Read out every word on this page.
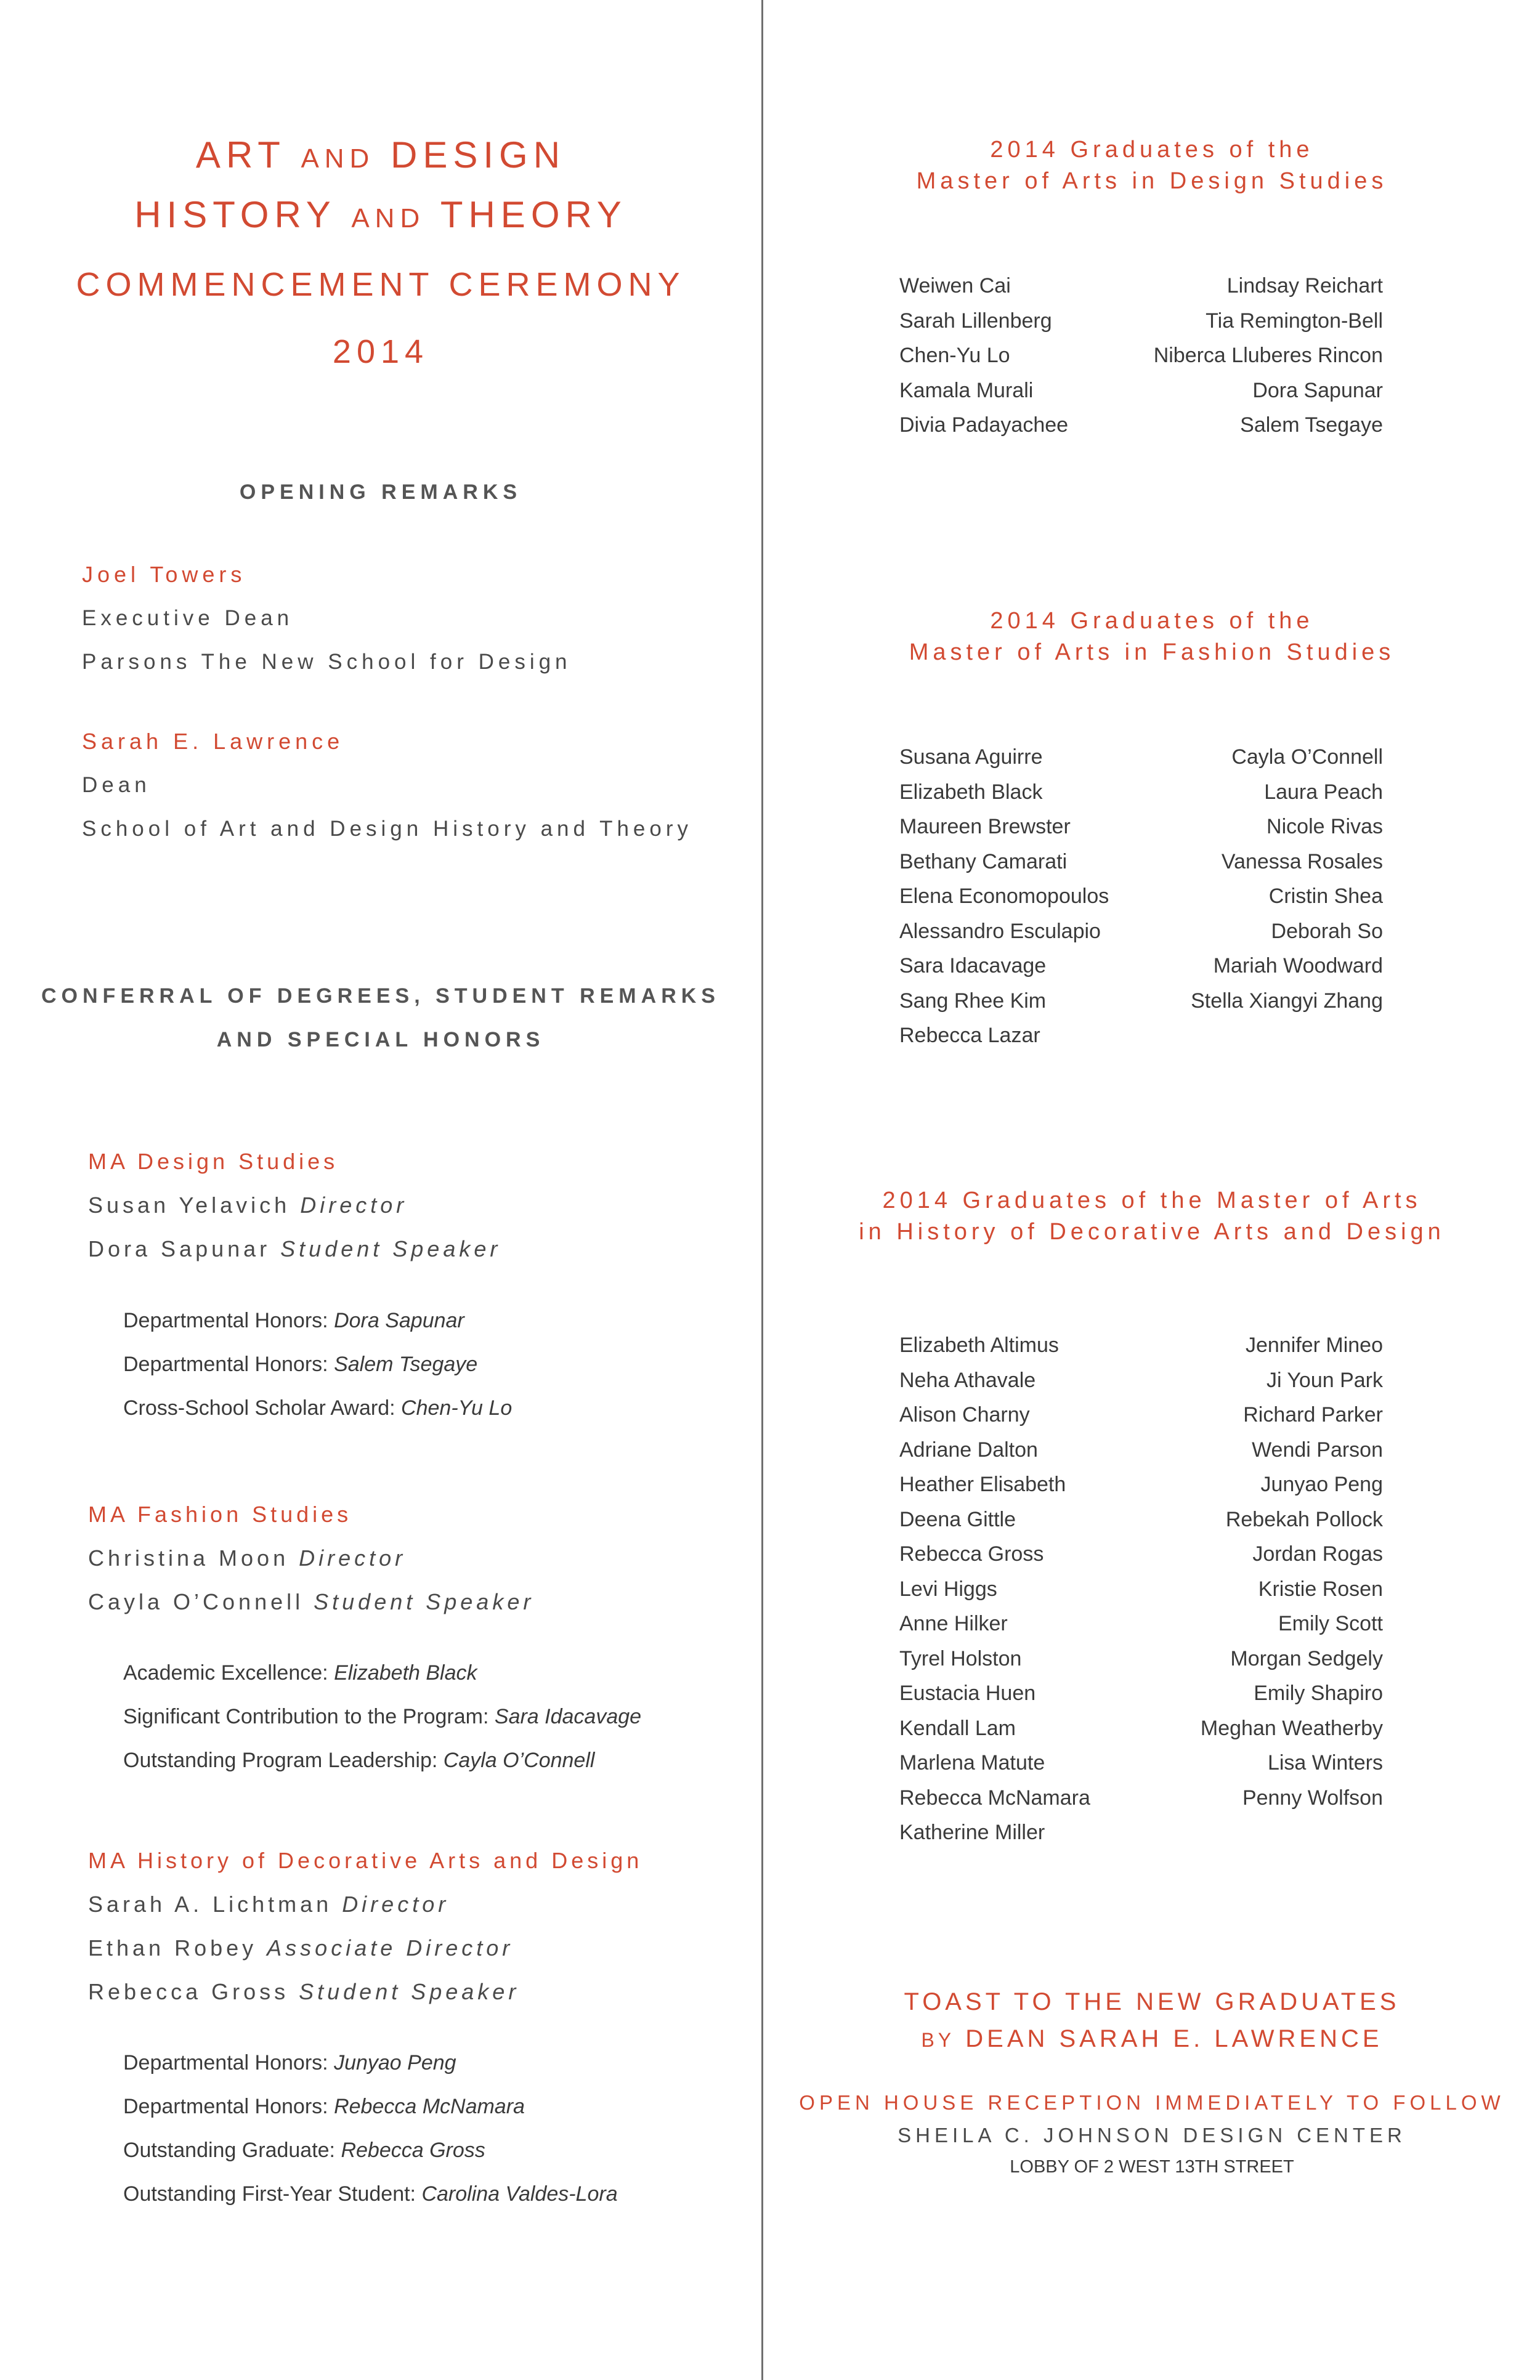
ART AND DESIGN
HISTORY AND THEORY
COMMENCEMENT CEREMONY
2014
OPENING REMARKS
Joel Towers
Executive Dean
Parsons The New School for Design
Sarah E. Lawrence
Dean
School of Art and Design History and Theory
CONFERRAL OF DEGREES, STUDENT REMARKS
AND SPECIAL HONORS
MA Design Studies
Susan Yelavich Director
Dora Sapunar Student Speaker
Departmental Honors: Dora Sapunar
Departmental Honors: Salem Tsegaye
Cross-School Scholar Award: Chen-Yu Lo
MA Fashion Studies
Christina Moon Director
Cayla O’Connell Student Speaker
Academic Excellence: Elizabeth Black
Significant Contribution to the Program: Sara Idacavage
Outstanding Program Leadership: Cayla O’Connell
MA History of Decorative Arts and Design
Sarah A. Lichtman Director
Ethan Robey Associate Director
Rebecca Gross Student Speaker
Departmental Honors: Junyao Peng
Departmental Honors: Rebecca McNamara
Outstanding Graduate: Rebecca Gross
Outstanding First-Year Student: Carolina Valdes-Lora
2014 Graduates of the
Master of Arts in Design Studies
Weiwen Cai
Sarah Lillenberg
Chen-Yu Lo
Kamala Murali
Divia Padayachee
Lindsay Reichart
Tia Remington-Bell
Niberca Lluberes Rincon
Dora Sapunar
Salem Tsegaye
2014 Graduates of the
Master of Arts in Fashion Studies
Susana Aguirre
Elizabeth Black
Maureen Brewster
Bethany Camarati
Elena Economopoulos
Alessandro Esculapio
Sara Idacavage
Sang Rhee Kim
Rebecca Lazar
Cayla O’Connell
Laura Peach
Nicole Rivas
Vanessa Rosales
Cristin Shea
Deborah So
Mariah Woodward
Stella Xiangyi Zhang
2014 Graduates of the Master of Arts
in History of Decorative Arts and Design
Elizabeth Altimus
Neha Athavale
Alison Charny
Adriane Dalton
Heather Elisabeth
Deena Gittle
Rebecca Gross
Levi Higgs
Anne Hilker
Tyrel Holston
Eustacia Huen
Kendall Lam
Marlena Matute
Rebecca McNamara
Katherine Miller
Jennifer Mineo
Ji Youn Park
Richard Parker
Wendi Parson
Junyao Peng
Rebekah Pollock
Jordan Rogas
Kristie Rosen
Emily Scott
Morgan Sedgely
Emily Shapiro
Meghan Weatherby
Lisa Winters
Penny Wolfson
TOAST TO THE NEW GRADUATES
BY DEAN SARAH E. LAWRENCE
OPEN HOUSE RECEPTION IMMEDIATELY TO FOLLOW
SHEILA C. JOHNSON DESIGN CENTER
LOBBY OF 2 WEST 13TH STREET
